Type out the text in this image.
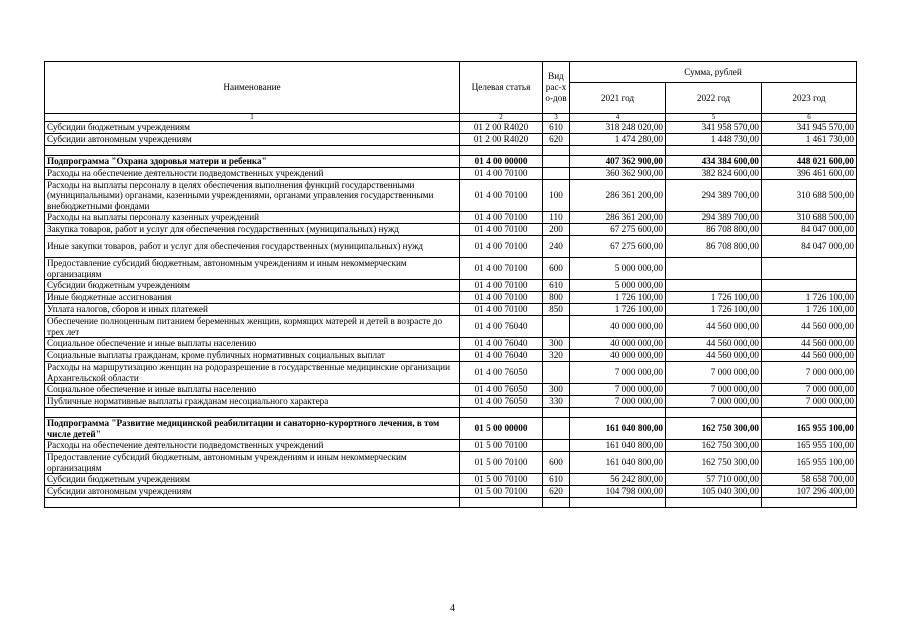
Наименование	Целевая статья	Вид рас-хо-дов	Сумма, рублей		
			2021 год	2022 год	2023 год
1	2	3	4	5	6
Субсидии бюджетным учреждениям	01 2 00 R4020	610	318 248 020,00	341 958 570,00	341 945 570,00
Субсидии автономным учреждениям	01 2 00 R4020	620	1 474 280,00	1 448 730,00	1 461 730,00

Подпрограмма "Охрана здоровья матери и ребенка"	01 4 00 00000		407 362 900,00	434 384 600,00	448 021 600,00
Расходы на обеспечение деятельности подведомственных учреждений	01 4 00 70100		360 362 900,00	382 824 600,00	396 461 600,00
Расходы на выплаты персоналу в целях обеспечения выполнения функций государственными (муниципальными) органами, казенными учреждениями, органами управления государственными внебюджетными фондами	01 4 00 70100	100	286 361 200,00	294 389 700,00	310 688 500,00
Расходы на выплаты персоналу казенных учреждений	01 4 00 70100	110	286 361 200,00	294 389 700,00	310 688 500,00
Закупка товаров, работ и услуг для обеспечения государственных (муниципальных) нужд	01 4 00 70100	200	67 275 600,00	86 708 800,00	84 047 000,00
Иные закупки товаров, работ и услуг для обеспечения государственных (муниципальных) нужд	01 4 00 70100	240	67 275 600,00	86 708 800,00	84 047 000,00
Предоставление субсидий бюджетным, автономным учреждениям и иным некоммерческим организациям	01 4 00 70100	600	5 000 000,00		
Субсидии бюджетным учреждениям	01 4 00 70100	610	5 000 000,00		
Иные бюджетные ассигнования	01 4 00 70100	800	1 726 100,00	1 726 100,00	1 726 100,00
Уплата налогов, сборов и иных платежей	01 4 00 70100	850	1 726 100,00	1 726 100,00	1 726 100,00
Обеспечение полноценным питанием беременных женщин, кормящих матерей и детей в возрасте до трех лет	01 4 00 76040		40 000 000,00	44 560 000,00	44 560 000,00
Социальное обеспечение и иные выплаты населению	01 4 00 76040	300	40 000 000,00	44 560 000,00	44 560 000,00
Социальные выплаты гражданам, кроме публичных нормативных социальных выплат	01 4 00 76040	320	40 000 000,00	44 560 000,00	44 560 000,00
Расходы на маршрутизацию женщин на родоразрешение в государственные медицинские организации Архангельской области	01 4 00 76050		7 000 000,00	7 000 000,00	7 000 000,00
Социальное обеспечение и иные выплаты населению	01 4 00 76050	300	7 000 000,00	7 000 000,00	7 000 000,00
Публичные нормативные выплаты гражданам несоциального характера	01 4 00 76050	330	7 000 000,00	7 000 000,00	7 000 000,00

Подпрограмма "Развитие медицинской реабилитации и санаторно-курортного лечения, в том числе детей"	01 5 00 00000		161 040 800,00	162 750 300,00	165 955 100,00
Расходы на обеспечение деятельности подведомственных учреждений	01 5 00 70100		161 040 800,00	162 750 300,00	165 955 100,00
Предоставление субсидий бюджетным, автономным учреждениям и иным некоммерческим организациям	01 5 00 70100	600	161 040 800,00	162 750 300,00	165 955 100,00
Субсидии бюджетным учреждениям	01 5 00 70100	610	56 242 800,00	57 710 000,00	58 658 700,00
Субсидии автономным учреждениям	01 5 00 70100	620	104 798 000,00	105 040 300,00	107 296 400,00

4
